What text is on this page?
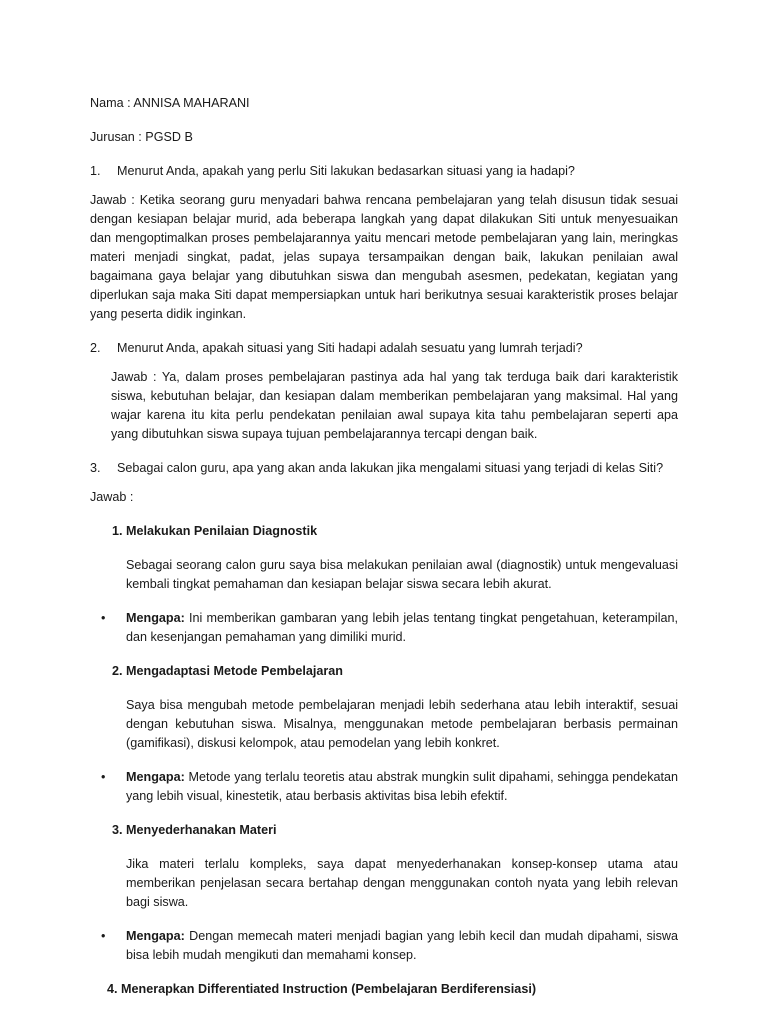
Nama : ANNISA MAHARANI

Jurusan : PGSD B

1.	Menurut Anda, apakah yang perlu Siti lakukan bedasarkan situasi yang ia hadapi?

Jawab : Ketika seorang guru menyadari bahwa rencana pembelajaran yang telah disusun tidak sesuai dengan kesiapan belajar murid, ada beberapa langkah yang dapat dilakukan Siti untuk menyesuaikan dan mengoptimalkan proses pembelajarannya yaitu mencari metode pembelajaran yang lain, meringkas materi menjadi singkat, padat, jelas supaya tersampaikan dengan baik, lakukan penilaian awal bagaimana gaya belajar yang dibutuhkan siswa dan mengubah asesmen, pedekatan, kegiatan yang diperlukan saja maka Siti dapat mempersiapkan untuk hari berikutnya sesuai karakteristik proses belajar yang peserta didik inginkan.

2.	Menurut Anda, apakah situasi yang Siti hadapi adalah sesuatu yang lumrah terjadi?

Jawab : Ya, dalam proses pembelajaran pastinya ada hal yang tak terduga baik dari karakteristik siswa, kebutuhan belajar, dan kesiapan dalam memberikan pembelajaran yang maksimal. Hal yang wajar karena itu kita perlu pendekatan penilaian awal supaya kita tahu pembelajaran seperti apa yang dibutuhkan siswa supaya tujuan pembelajarannya tercapi dengan baik.

3.	Sebagai calon guru, apa yang akan anda lakukan jika mengalami situasi yang terjadi di kelas Siti?

Jawab :

1. Melakukan Penilaian Diagnostik

Sebagai seorang calon guru saya bisa melakukan penilaian awal (diagnostik) untuk mengevaluasi kembali tingkat pemahaman dan kesiapan belajar siswa secara lebih akurat.

•	Mengapa: Ini memberikan gambaran yang lebih jelas tentang tingkat pengetahuan, keterampilan, dan kesenjangan pemahaman yang dimiliki murid.

2. Mengadaptasi Metode Pembelajaran

Saya bisa mengubah metode pembelajaran menjadi lebih sederhana atau lebih interaktif, sesuai dengan kebutuhan siswa. Misalnya, menggunakan metode pembelajaran berbasis permainan (gamifikasi), diskusi kelompok, atau pemodelan yang lebih konkret.

•	Mengapa: Metode yang terlalu teoretis atau abstrak mungkin sulit dipahami, sehingga pendekatan yang lebih visual, kinestetik, atau berbasis aktivitas bisa lebih efektif.

3. Menyederhanakan Materi

Jika materi terlalu kompleks, saya dapat menyederhanakan konsep-konsep utama atau memberikan penjelasan secara bertahap dengan menggunakan contoh nyata yang lebih relevan bagi siswa.

•	Mengapa: Dengan memecah materi menjadi bagian yang lebih kecil dan mudah dipahami, siswa bisa lebih mudah mengikuti dan memahami konsep.

4. Menerapkan Differentiated Instruction (Pembelajaran Berdiferensiasi)
